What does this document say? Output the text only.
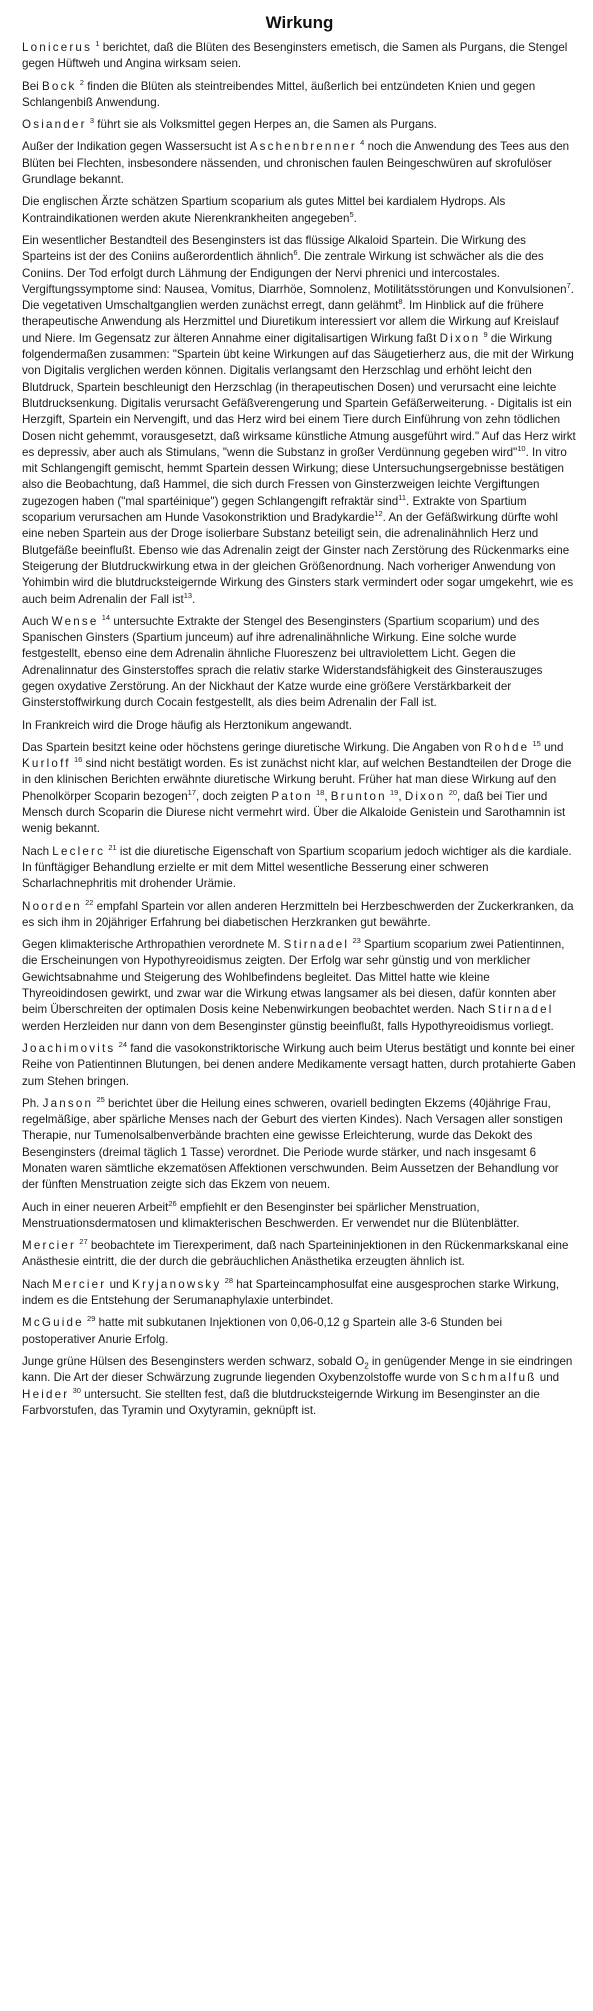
Wirkung

Lonicerus $^1$ berichtet, daß die Blüten des Besenginsters emetisch, die Samen als Purgans, die Stengel gegen Hüftweh und Angina wirksam seien.

Bei Bock $^2$ finden die Blüten als steintreibendes Mittel, äußerlich bei entzündeten Knien und gegen Schlangenbiß Anwendung.

Osiander $^3$ führt sie als Volksmittel gegen Herpes an, die Samen als Purgans.

Außer der Indikation gegen Wassersucht ist Aschenbrenner $^4$ noch die Anwendung des Tees aus den Blüten bei Flechten, insbesondere nässenden, und chronischen faulen Beingeschwüren auf skrofulöser Grundlage bekannt.

Die englischen Ärzte schätzen Spartium scoparium als gutes Mittel bei kardialem Hydrops. Als Kontraindikationen werden akute Nierenkrankheiten angegeben$^5$.

Ein wesentlicher Bestandteil des Besenginsters ist das flüssige Alkaloid Spartein. Die Wirkung des Sparteins ist der des Coniins außerordentlich ähnlich$^6$. Die zentrale Wirkung ist schwächer als die des Coniins. Der Tod erfolgt durch Lähmung der Endigungen der Nervi phrenici und intercostales. Vergiftungssymptome sind: Nausea, Vomitus, Diarrhöe, Somnolenz, Motilitätsstörungen und Konvulsionen$^7$. Die vegetativen Umschaltganglien werden zunächst erregt, dann gelähmt$^8$. Im Hinblick auf die frühere therapeutische Anwendung als Herzmittel und Diuretikum interessiert vor allem die Wirkung auf Kreislauf und Niere. Im Gegensatz zur älteren Annahme einer digitalisartigen Wirkung faßt Dixon $^9$ die Wirkung folgendermaßen zusammen: "Spartein übt keine Wirkungen auf das Säugetierherz aus, die mit der Wirkung von Digitalis verglichen werden können. Digitalis verlangsamt den Herzschlag und erhöht leicht den Blutdruck, Spartein beschleunigt den Herzschlag (in therapeutischen Dosen) und verursacht eine leichte Blutdrucksenkung. Digitalis verursacht Gefäßverengerung und Spartein Gefäßerweiterung. - Digitalis ist ein Herzgift, Spartein ein Nervengift, und das Herz wird bei einem Tiere durch Einführung von zehn tödlichen Dosen nicht gehemmt, vorausgesetzt, daß wirksame künstliche Atmung ausgeführt wird." Auf das Herz wirkt es depressiv, aber auch als Stimulans, "wenn die Substanz in großer Verdünnung gegeben wird"$^{10}$. In vitro mit Schlangengift gemischt, hemmt Spartein dessen Wirkung; diese Untersuchungsergebnisse bestätigen also die Beobachtung, daß Hammel, die sich durch Fressen von Ginsterzweigen leichte Vergiftungen zugezogen haben ("mal spartéinique") gegen Schlangengift refraktär sind$^{11}$. Extrakte von Spartium scoparium verursachen am Hunde Vasokonstriktion und Bradykardie$^{12}$. An der Gefäßwirkung dürfte wohl eine neben Spartein aus der Droge isolierbare Substanz beteiligt sein, die adrenalinähnlich Herz und Blutgefäße beeinflußt. Ebenso wie das Adrenalin zeigt der Ginster nach Zerstörung des Rückenmarks eine Steigerung der Blutdruckwirkung etwa in der gleichen Größenordnung. Nach vorheriger Anwendung von Yohimbin wird die blutdrucksteigernde Wirkung des Ginsters stark vermindert oder sogar umgekehrt, wie es auch beim Adrenalin der Fall ist$^{13}$.

Auch Wense $^{14}$ untersuchte Extrakte der Stengel des Besenginsters (Spartium scoparium) und des Spanischen Ginsters (Spartium junceum) auf ihre adrenalinähnliche Wirkung. Eine solche wurde festgestellt, ebenso eine dem Adrenalin ähnliche Fluoreszenz bei ultraviolettem Licht. Gegen die Adrenalinnatur des Ginsterstoffes sprach die relativ starke Widerstandsfähigkeit des Ginsterauszuges gegen oxydative Zerstörung. An der Nickhaut der Katze wurde eine größere Verstärkbarkeit der Ginsterstoffwirkung durch Cocain festgestellt, als dies beim Adrenalin der Fall ist.

In Frankreich wird die Droge häufig als Herztonikum angewandt.

Das Spartein besitzt keine oder höchstens geringe diuretische Wirkung. Die Angaben von Rohde $^{15}$ und Kurloff $^{16}$ sind nicht bestätigt worden. Es ist zunächst nicht klar, auf welchen Bestandteilen der Droge die in den klinischen Berichten erwähnte diuretische Wirkung beruht. Früher hat man diese Wirkung auf den Phenolkörper Scoparin bezogen$^{17}$, doch zeigten Paton $^{18}$, Brunton $^{19}$, Dixon $^{20}$, daß bei Tier und Mensch durch Scoparin die Diurese nicht vermehrt wird. Über die Alkaloide Genistein und Sarothamnin ist wenig bekannt.

Nach Leclerc $^{21}$ ist die diuretische Eigenschaft von Spartium scoparium jedoch wichtiger als die kardiale. In fünftägiger Behandlung erzielte er mit dem Mittel wesentliche Besserung einer schweren Scharlachnephritis mit drohender Urämie.

Noorden $^{22}$ empfahl Spartein vor allen anderen Herzmitteln bei Herzbeschwerden der Zuckerkranken, da es sich ihm in 20jähriger Erfahrung bei diabetischen Herzkranken gut bewährte.

Gegen klimakterische Arthropathien verordnete M. Stirnadel $^{23}$ Spartium scoparium zwei Patientinnen, die Erscheinungen von Hypothyreoidismus zeigten. Der Erfolg war sehr günstig und von merklicher Gewichtsabnahme und Steigerung des Wohlbefindens begleitet. Das Mittel hatte wie kleine Thyreoidindosen gewirkt, und zwar war die Wirkung etwas langsamer als bei diesen, dafür konnten aber beim Überschreiten der optimalen Dosis keine Nebenwirkungen beobachtet werden. Nach Stirnadel werden Herzleiden nur dann von dem Besenginster günstig beeinflußt, falls Hypothyreoidismus vorliegt.

Joachimovits $^{24}$ fand die vasokonstriktorische Wirkung auch beim Uterus bestätigt und konnte bei einer Reihe von Patientinnen Blutungen, bei denen andere Medikamente versagt hatten, durch protahierte Gaben zum Stehen bringen.

Ph. Janson $^{25}$ berichtet über die Heilung eines schweren, ovariell bedingten Ekzems (40jährige Frau, regelmäßige, aber spärliche Menses nach der Geburt des vierten Kindes). Nach Versagen aller sonstigen Therapie, nur Tumenolsalbenverbände brachten eine gewisse Erleichterung, wurde das Dekokt des Besenginsters (dreimal täglich 1 Tasse) verordnet. Die Periode wurde stärker, und nach insgesamt 6 Monaten waren sämtliche ekzematösen Affektionen verschwunden. Beim Aussetzen der Behandlung vor der fünften Menstruation zeigte sich das Ekzem von neuem.

Auch in einer neueren Arbeit$^{26}$ empfiehlt er den Besenginster bei spärlicher Menstruation, Menstruationsdermatosen und klimakterischen Beschwerden. Er verwendet nur die Blütenblätter.

Mercier $^{27}$ beobachtete im Tierexperiment, daß nach Sparteininjektionen in den Rückenmarkskanal eine Anästhesie eintritt, die der durch die gebräuchlichen Anästhetika erzeugten ähnlich ist.

Nach Mercier und Kryjanowsky $^{28}$ hat Sparteincamphosulfat eine ausgesprochen starke Wirkung, indem es die Entstehung der Serumanaphylaxie unterbindet.

McGuide $^{29}$ hatte mit subkutanen Injektionen von 0,06-0,12 g Spartein alle 3-6 Stunden bei postoperativer Anurie Erfolg.

Junge grüne Hülsen des Besenginsters werden schwarz, sobald $O_2$ in genügender Menge in sie eindringen kann. Die Art der dieser Schwärzung zugrunde liegenden Oxybenzolstoffe wurde von Schmalfuß und Heider $^{30}$ untersucht. Sie stellten fest, daß die blutdrucksteigernde Wirkung im Besenginster an die Farbvorstufen, das Tyramin und Oxytyramin, geknüpft ist.
